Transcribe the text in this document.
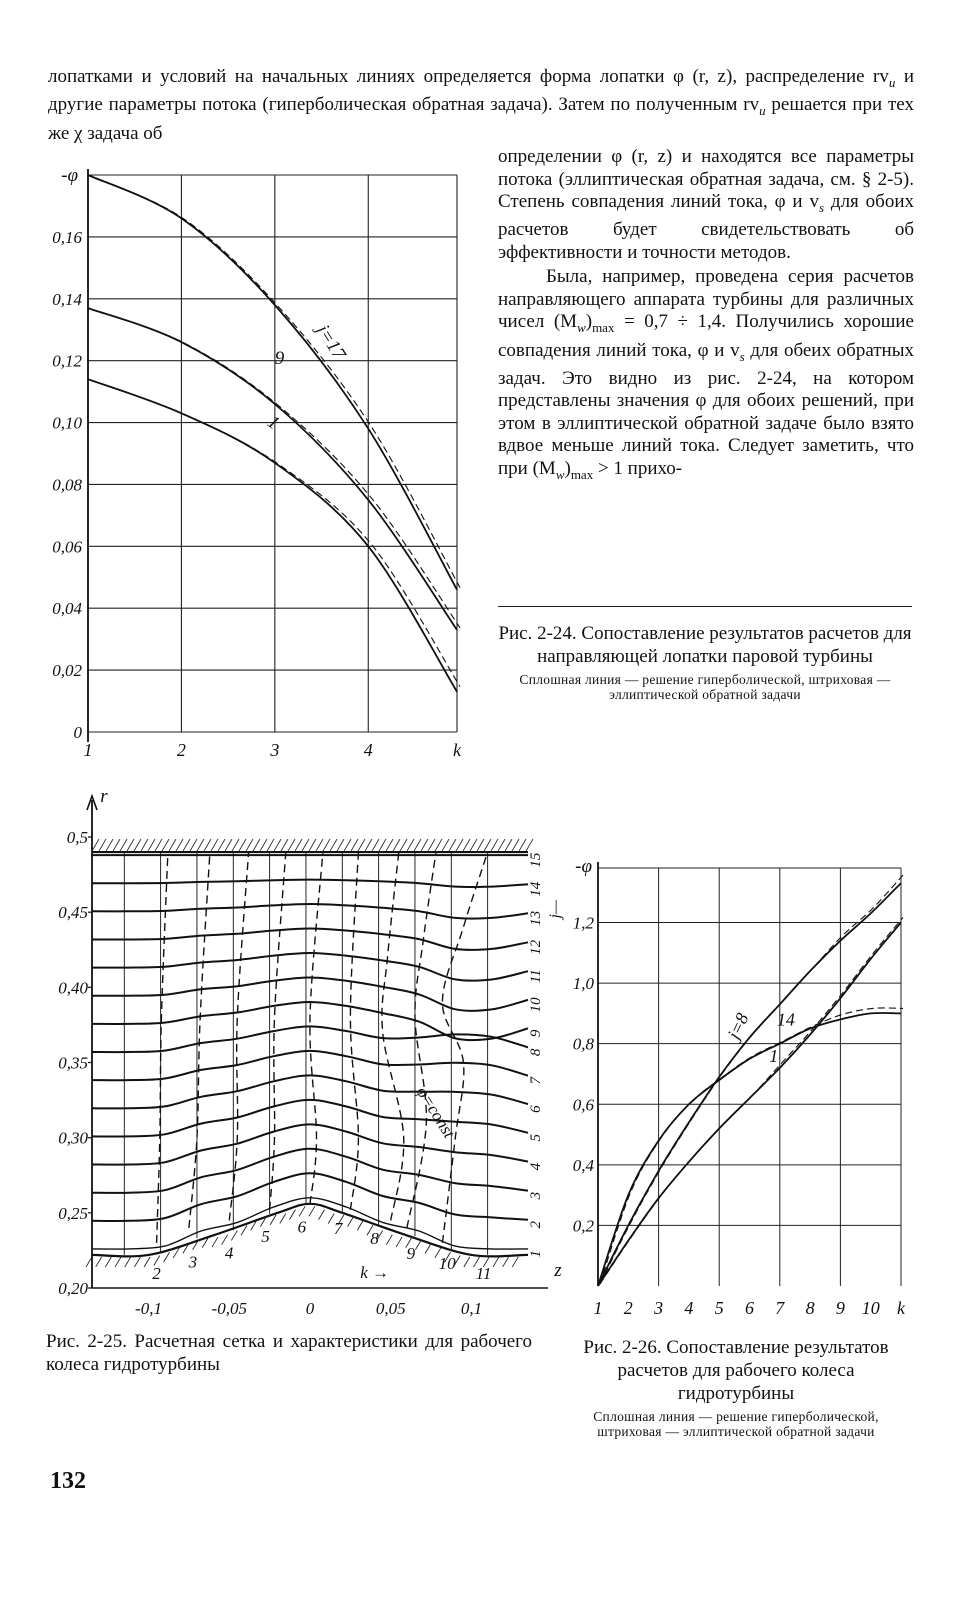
лопатками и условий на начальных линиях определяется форма лопатки φ (r, z), распределение $rv_u$ и другие параметры потока (гиперболическая обратная задача). Затем по полученным $rv_u$ решается при тех же χ задача об

определении φ (r, z) и находятся все параметры потока (эллиптическая обратная задача, см. § 2-5). Степень совпадения линий тока, φ и $v_s$ для обоих расчетов будет свидетельствовать об эффективности и точности методов.

Была, например, проведена серия расчетов направляющего аппарата турбины для различных чисел $(M_w)_{max} = 0,7 \div 1,4$. Получились хорошие совпадения линий тока, φ и $v_s$ для обеих обратных задач. Это видно из рис. 2-24, на котором представлены значения φ для обоих решений, при этом в эллиптической обратной задаче было взято вдвое меньше линий тока. Следует заметить, что при $(M_w)_{max} > 1$ прихо-

Рис. 2-24. Сопоставление результатов расчетов для направляющей лопатки паровой турбины

Сплошная линия — решение гиперболической, штриховая — эллиптической обратной задачи

Рис. 2-25. Расчетная сетка и характеристики для рабочего колеса гидротурбины

Рис. 2-26. Сопоставление результатов расчетов для рабочего колеса гидротурбины

Сплошная линия — решение гиперболической, штриховая — эллиптической обратной задачи

132
0
0,02
0,04
0,06
0,08
0,10
0,12
0,14
0,16
1	2	3	4	k
-φ
j=17
9
1
0,20
0,25
0,30
0,35
0,40
0,45
0,5
-0,1	-0,05	0	0,05	0,1
r
z
1
2
3
4
5
6
7
8
9
10
11
12
13
14
15
j—
2
3 4
5
6 7
8
9
10
11
k →
φ=const
0,2
0,4
0,6
0,8
1,0
1,2
1 2 3 4 5 6 7 8 9 10 k
-φ
j=8 14
1
